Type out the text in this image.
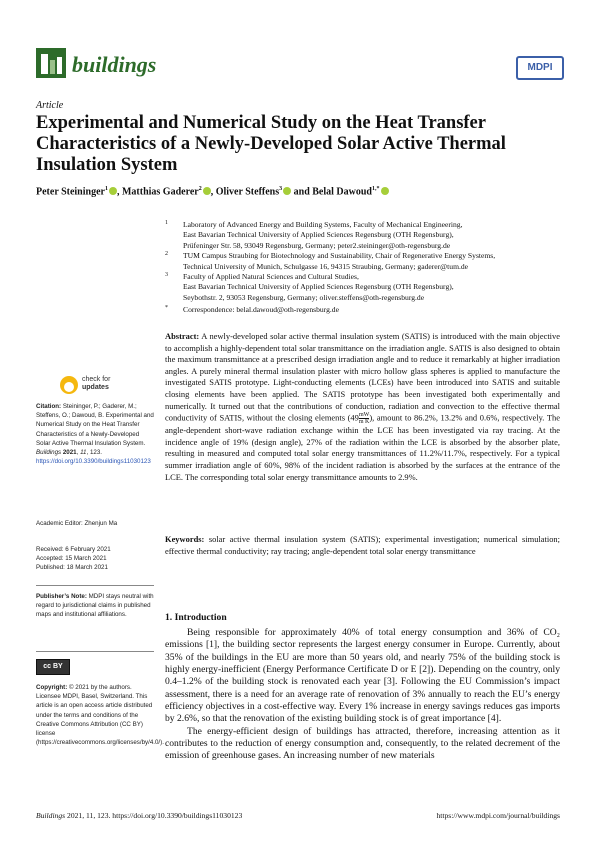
buildings	MDPI
Article
Experimental and Numerical Study on the Heat Transfer Characteristics of a Newly-Developed Solar Active Thermal Insulation System
Peter Steininger$^1$ , Matthias Gaderer$^2$ , Oliver Steffens$^3$ and Belal Dawoud$^{1,*}$
1 Laboratory of Advanced Energy and Building Systems, Faculty of Mechanical Engineering,
East Bavarian Technical University of Applied Sciences Regensburg (OTH Regensburg),
Prüfeninger Str. 58, 93049 Regensburg, Germany; peter2.steininger@oth-regensburg.de
2 TUM Campus Straubing for Biotechnology and Sustainability, Chair of Regenerative Energy Systems,
Technical University of Munich, Schulgasse 16, 94315 Straubing, Germany; gaderer@tum.de
3 Faculty of Applied Natural Sciences and Cultural Studies,
East Bavarian Technical University of Applied Sciences Regensburg (OTH Regensburg),
Seybothstr. 2, 93053 Regensburg, Germany; oliver.steffens@oth-regensburg.de
* Correspondence: belal.dawoud@oth-regensburg.de
Abstract: A newly-developed solar active thermal insulation system (SATIS) is introduced with the main objective to accomplish a highly-dependent total solar transmittance on the irradiation angle. SATIS is also designed to obtain the maximum transmittance at a prescribed design irradiation angle and to reduce it remarkably at higher irradiation angles. A purely mineral thermal insulation plaster with micro hollow glass spheres is applied to manufacture the investigated SATIS prototype. Light-conducting elements (LCEs) have been introduced into SATIS and suitable closing elements have been applied. The SATIS prototype has been investigated both experimentally and numerically. It turned out that the contributions of conduction, radiation and convection to the effective thermal conductivity of SATIS, without the closing elements ($49 \frac{mW}{\text{m K}}$ ), amount to 86.2%, 13.2% and 0.6%, respectively. The angle-dependent short-wave radiation exchange within the LCE has been investigated via ray tracing. At the incidence angle of 19% (design angle), 27% of the radiation within the LCE is absorbed by the absorber plate, resulting in measured and computed total solar energy transmittances of 11.2%/11.7%, respectively. For a typical summer irradiation angle of 60%, 98% of the incident radiation is absorbed by the surfaces at the entrance of the LCE. The corresponding total solar energy transmittance amounts to 2.9%.
Keywords: solar active thermal insulation system (SATIS); experimental investigation; numerical simulation; effective thermal conductivity; ray tracing; angle-dependent total solar energy transmittance
check for
updates
Citation: Steininger, P.; Gaderer, M.; Steffens, O.; Dawoud, B. Experimental and Numerical Study on the Heat Transfer Characteristics of a Newly-Developed Solar Active Thermal Insulation System. Buildings 2021, 11, 123. https://doi.org/10.3390/buildings11030123
Academic Editor: Zhenjun Ma
Received: 6 February 2021
Accepted: 15 March 2021
Published: 18 March 2021
Publisher’s Note: MDPI stays neutral with regard to jurisdictional claims in published maps and institutional affiliations.
cc BY
Copyright: © 2021 by the authors. Licensee MDPI, Basel, Switzerland. This article is an open access article distributed under the terms and conditions of the Creative Commons Attribution (CC BY) license (https://creativecommons.org/licenses/by/4.0/).
1. Introduction

Being responsible for approximately 40% of total energy consumption and 36% of CO₂ emissions [1], the building sector represents the largest energy consumer in Europe. Currently, about 35% of the buildings in the EU are more than 50 years old, and nearly 75% of the building stock is highly energy-inefficient (Energy Performance Certificate D or E [2]). Depending on the country, only 0.4–1.2% of the building stock is renovated each year [3]. Following the EU Commission’s impact assessment, there is a need for an average rate of renovation of 3% annually to reach the EU’s energy efficiency objectives in a cost-effective way. Every 1% increase in energy savings reduces gas imports by 2.6%, so that the renovation of the existing building stock is of great importance [4].

The energy-efficient design of buildings has attracted, therefore, increasing attention as it contributes to the reduction of energy consumption and, consequently, to the related decrement of the emission of greenhouse gases. An increasing number of new materials

Buildings 2021, 11, 123. https://doi.org/10.3390/buildings11030123	https://www.mdpi.com/journal/buildings
